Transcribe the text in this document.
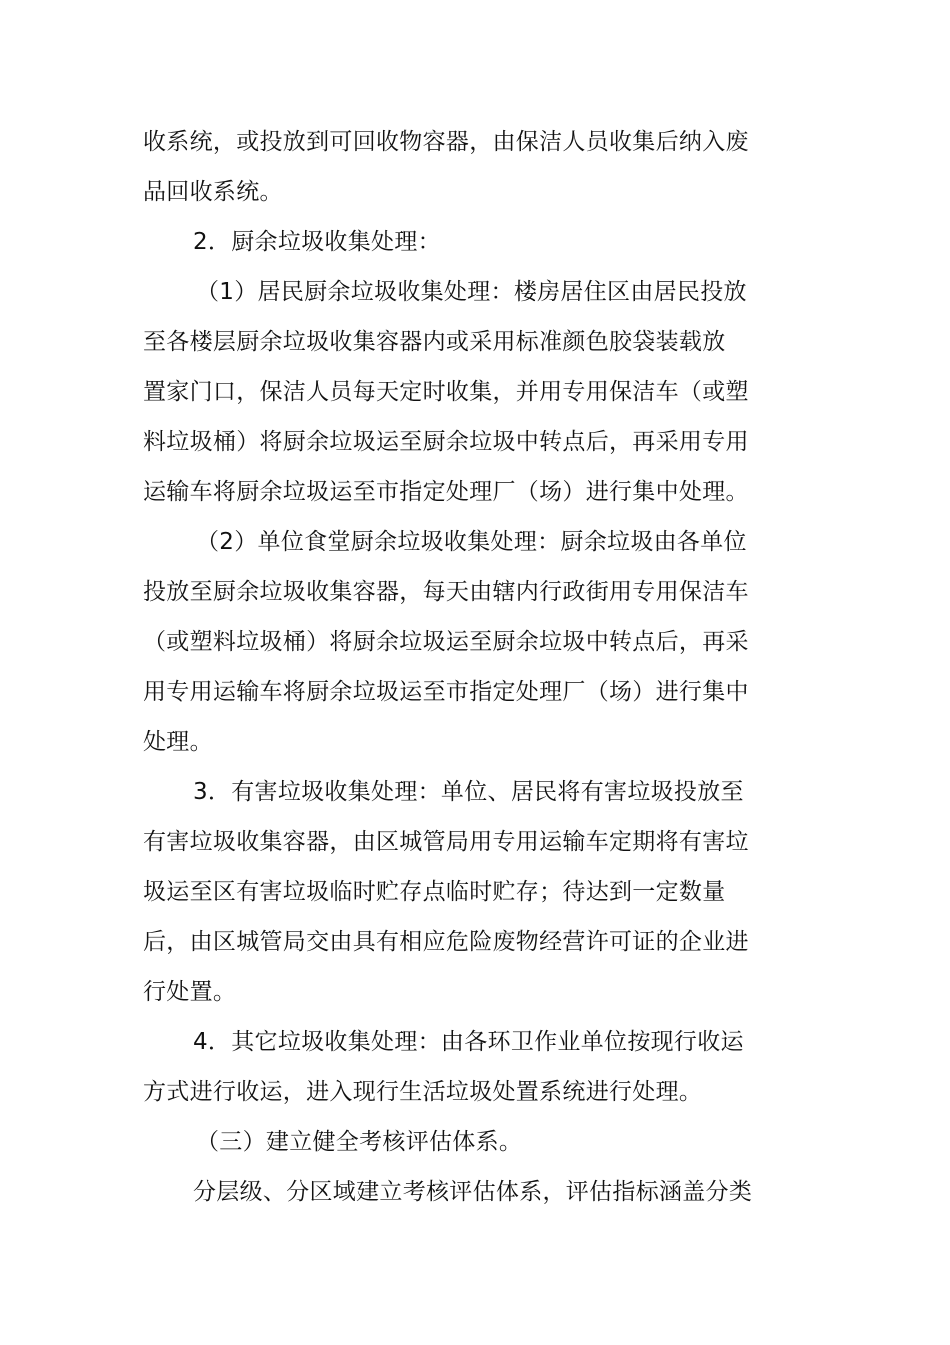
收系统，或投放到可回收物容器，由保洁人员收集后纳入废
品回收系统。
2．厨余垃圾收集处理：
（1）居民厨余垃圾收集处理：楼房居住区由居民投放
至各楼层厨余垃圾收集容器内或采用标准颜色胶袋装载放
置家门口，保洁人员每天定时收集，并用专用保洁车（或塑
料垃圾桶）将厨余垃圾运至厨余垃圾中转点后，再采用专用
运输车将厨余垃圾运至市指定处理厂（场）进行集中处理。
（2）单位食堂厨余垃圾收集处理：厨余垃圾由各单位
投放至厨余垃圾收集容器，每天由辖内行政街用专用保洁车
（或塑料垃圾桶）将厨余垃圾运至厨余垃圾中转点后，再采
用专用运输车将厨余垃圾运至市指定处理厂（场）进行集中
处理。
3．有害垃圾收集处理：单位、居民将有害垃圾投放至
有害垃圾收集容器，由区城管局用专用运输车定期将有害垃
圾运至区有害垃圾临时贮存点临时贮存；待达到一定数量
后，由区城管局交由具有相应危险废物经营许可证的企业进
行处置。
4．其它垃圾收集处理：由各环卫作业单位按现行收运
方式进行收运，进入现行生活垃圾处置系统进行处理。
（三）建立健全考核评估体系。
分层级、分区域建立考核评估体系，评估指标涵盖分类
